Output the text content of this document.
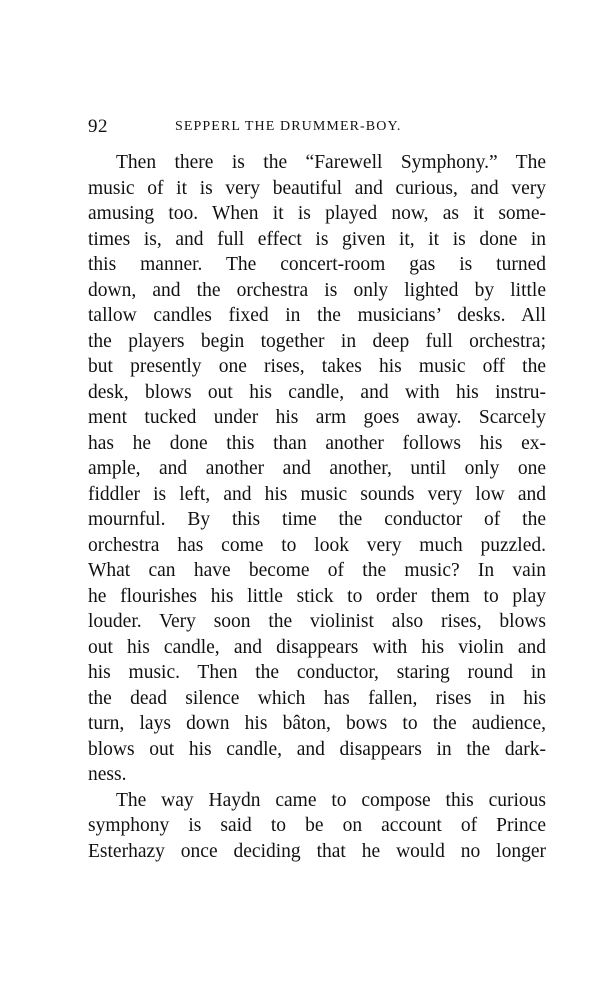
92	SEPPERL THE DRUMMER-BOY.

Then there is the “Farewell Symphony.” The
music of it is very beautiful and curious, and very
amusing too. When it is played now, as it some-
times is, and full effect is given it, it is done in
this manner. The concert-room gas is turned
down, and the orchestra is only lighted by little
tallow candles fixed in the musicians’ desks. All
the players begin together in deep full orchestra;
but presently one rises, takes his music off the
desk, blows out his candle, and with his instru-
ment tucked under his arm goes away. Scarcely
has he done this than another follows his ex-
ample, and another and another, until only one
fiddler is left, and his music sounds very low and
mournful. By this time the conductor of the
orchestra has come to look very much puzzled.
What can have become of the music? In vain
he flourishes his little stick to order them to play
louder. Very soon the violinist also rises, blows
out his candle, and disappears with his violin and
his music. Then the conductor, staring round in
the dead silence which has fallen, rises in his
turn, lays down his bâton, bows to the audience,
blows out his candle, and disappears in the dark-
ness.

The way Haydn came to compose this curious
symphony is said to be on account of Prince
Esterhazy once deciding that he would no longer
